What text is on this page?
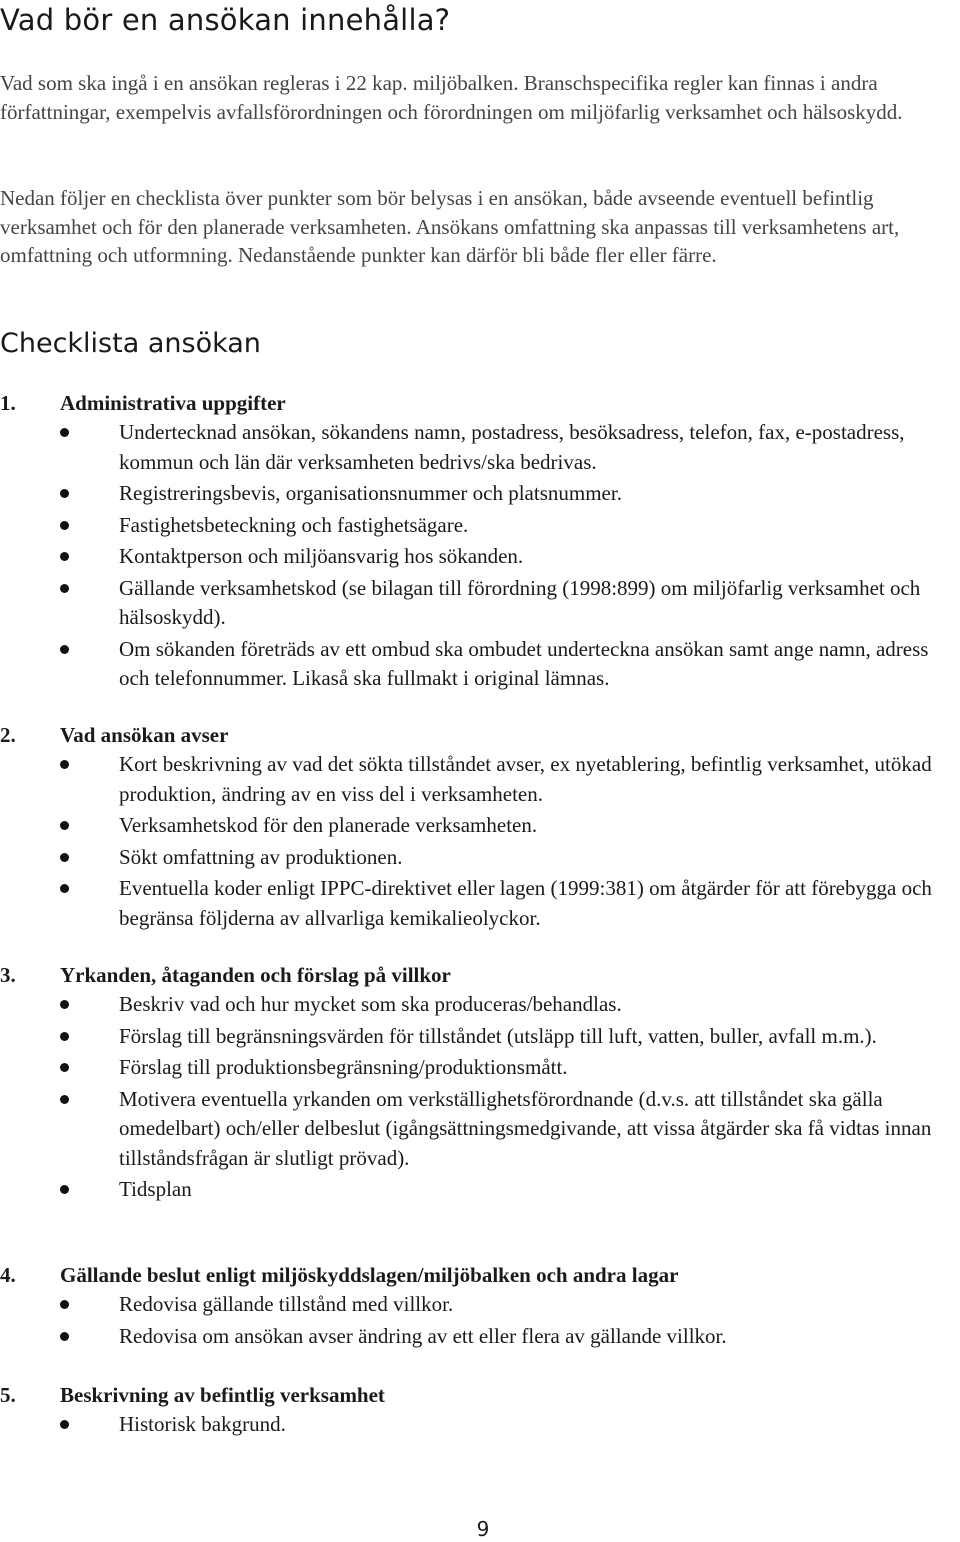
Vad bör en ansökan innehålla?

Vad som ska ingå i en ansökan regleras i 22 kap. miljöbalken. Branschspecifika regler kan finnas i andra författningar, exempelvis avfallsförordningen och förordningen om miljöfarlig verksamhet och hälsoskydd.

Nedan följer en checklista över punkter som bör belysas i en ansökan, både avseende eventuell befintlig verksamhet och för den planerade verksamheten. Ansökans omfattning ska anpassas till verksamhetens art, omfattning och utformning. Nedanstående punkter kan därför bli både fler eller färre.

Checklista ansökan
1. Administrativa uppgifter
Undertecknad ansökan, sökandens namn, postadress, besöksadress, telefon, fax, e-postadress, kommun och län där verksamheten bedrivs/ska bedrivas.
Registreringsbevis, organisationsnummer och platsnummer.
Fastighetsbeteckning och fastighetsägare.
Kontaktperson och miljöansvarig hos sökanden.
Gällande verksamhetskod (se bilagan till förordning (1998:899) om miljöfarlig verksamhet och hälsoskydd).
Om sökanden företräds av ett ombud ska ombudet underteckna ansökan samt ange namn, adress och telefonnummer. Likaså ska fullmakt i original lämnas.
2. Vad ansökan avser
Kort beskrivning av vad det sökta tillståndet avser, ex nyetablering, befintlig verksamhet, utökad produktion, ändring av en viss del i verksamheten.
Verksamhetskod för den planerade verksamheten.
Sökt omfattning av produktionen.
Eventuella koder enligt IPPC-direktivet eller lagen (1999:381) om åtgärder för att förebygga och begränsa följderna av allvarliga kemikalieolyckor.
3. Yrkanden, åtaganden och förslag på villkor
Beskriv vad och hur mycket som ska produceras/behandlas.
Förslag till begränsningsvärden för tillståndet (utsläpp till luft, vatten, buller, avfall m.m.).
Förslag till produktionsbegränsning/produktionsmått.
Motivera eventuella yrkanden om verkställighetsförordnande (d.v.s. att tillståndet ska gälla omedelbart) och/eller delbeslut (igångsättningsmedgivande, att vissa åtgärder ska få vidtas innan tillståndsfrågan är slutligt prövad).
Tidsplan
4. Gällande beslut enligt miljöskyddslagen/miljöbalken och andra lagar
Redovisa gällande tillstånd med villkor.
Redovisa om ansökan avser ändring av ett eller flera av gällande villkor.
5. Beskrivning av befintlig verksamhet
Historisk bakgrund.
9
